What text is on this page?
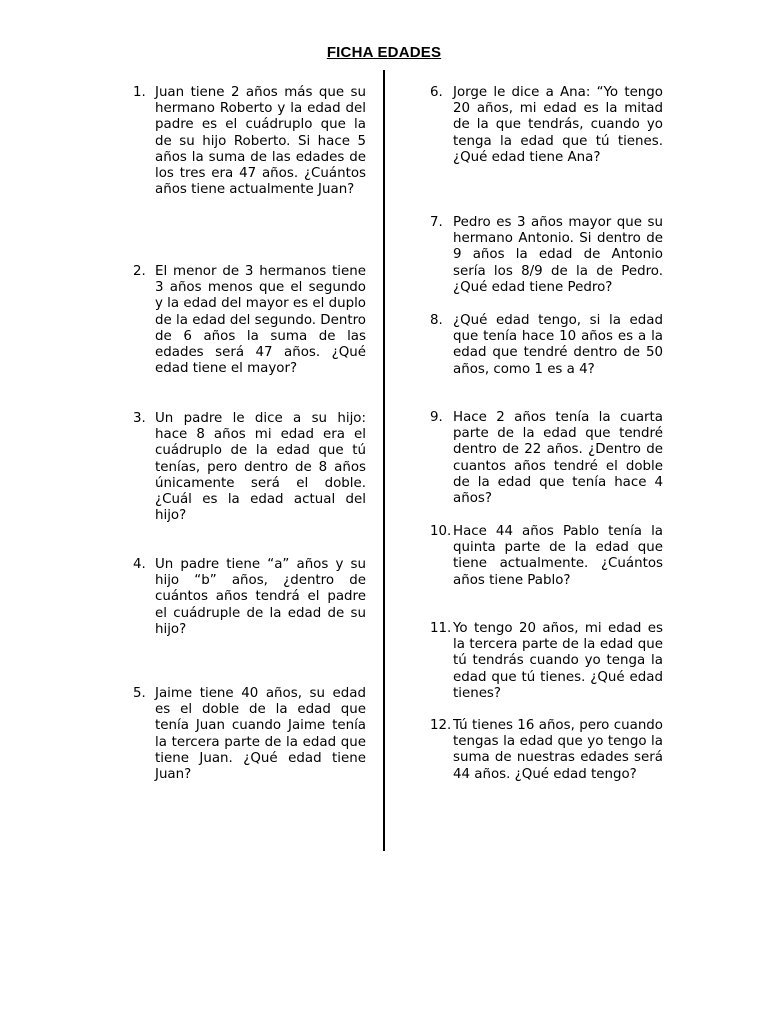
FICHA EDADES
1. Juan tiene 2 años más que su hermano Roberto y la edad del padre es el cuádruplo que la de su hijo Roberto. Si hace 5 años la suma de las edades de los tres era 47 años. ¿Cuántos años tiene actualmente Juan?
2. El menor de 3 hermanos tiene 3 años menos que el segundo y la edad del mayor es el duplo de la edad del segundo. Dentro de 6 años la suma de las edades será 47 años. ¿Qué edad tiene el mayor?
3. Un padre le dice a su hijo: hace 8 años mi edad era el cuádruplo de la edad que tú tenías, pero dentro de 8 años únicamente será el doble. ¿Cuál es la edad actual del hijo?
4. Un padre tiene “a” años y su hijo “b” años, ¿dentro de cuántos años tendrá el padre el cuádruple de la edad de su hijo?
5. Jaime tiene 40 años, su edad es el doble de la edad que tenía Juan cuando Jaime tenía la tercera parte de la edad que tiene Juan. ¿Qué edad tiene Juan?
6. Jorge le dice a Ana: “Yo tengo 20 años, mi edad es la mitad de la que tendrás, cuando yo tenga la edad que tú tienes. ¿Qué edad tiene Ana?
7. Pedro es 3 años mayor que su hermano Antonio. Si dentro de 9 años la edad de Antonio sería los 8/9 de la de Pedro. ¿Qué edad tiene Pedro?
8. ¿Qué edad tengo, si la edad que tenía hace 10 años es a la edad que tendré dentro de 50 años, como 1 es a 4?
9. Hace 2 años tenía la cuarta parte de la edad que tendré dentro de 22 años. ¿Dentro de cuantos años tendré el doble de la edad que tenía hace 4 años?
10. Hace 44 años Pablo tenía la quinta parte de la edad que tiene actualmente. ¿Cuántos años tiene Pablo?
11. Yo tengo 20 años, mi edad es la tercera parte de la edad que tú tendrás cuando yo tenga la edad que tú tienes. ¿Qué edad tienes?
12. Tú tienes 16 años, pero cuando tengas la edad que yo tengo la suma de nuestras edades será 44 años. ¿Qué edad tengo?
